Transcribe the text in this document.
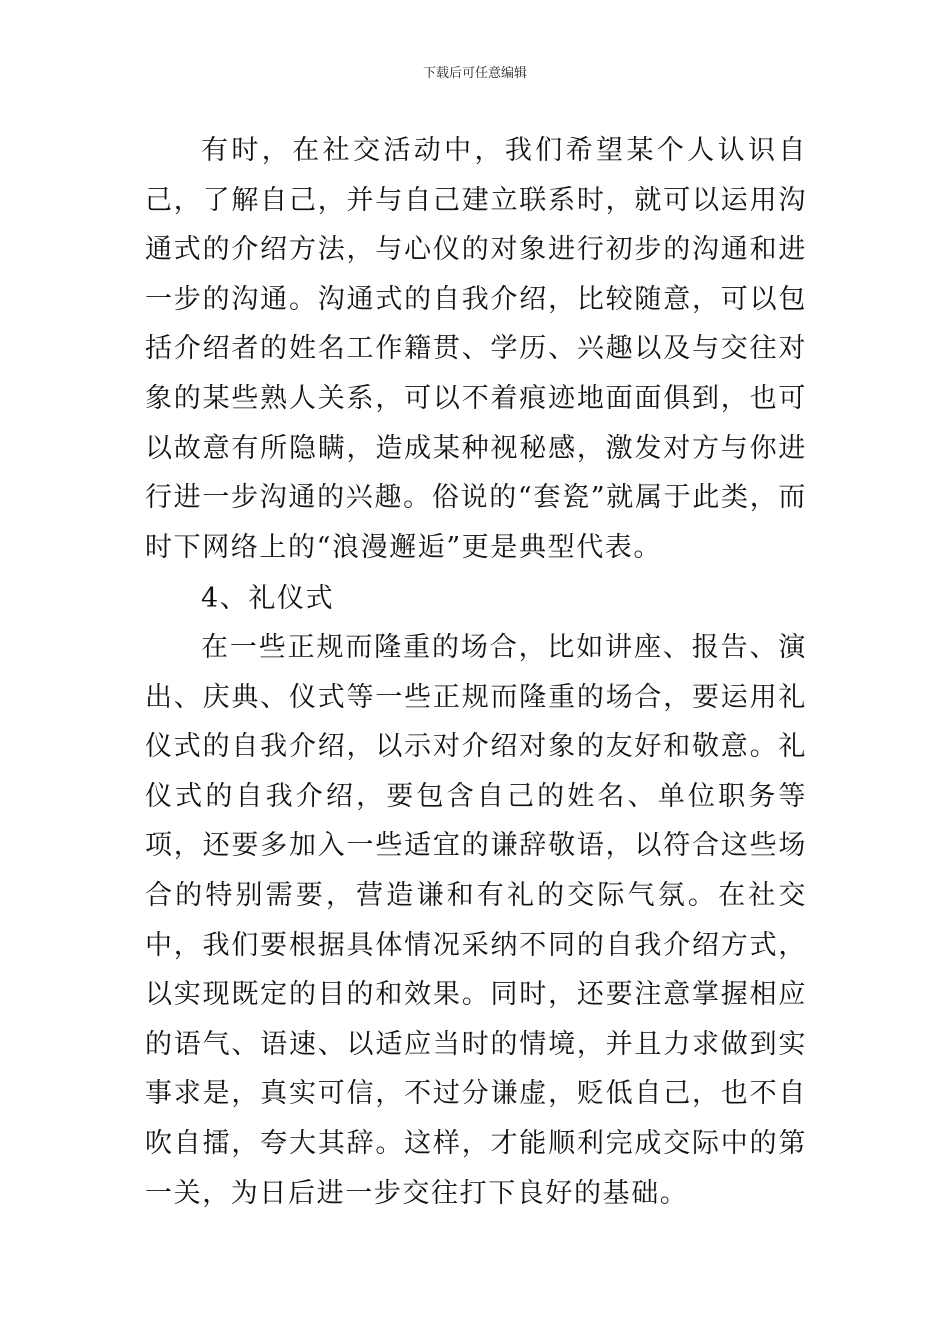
下载后可任意编辑

有时，在社交活动中，我们希望某个人认识自己，了解自己，并与自己建立联系时，就可以运用沟通式的介绍方法，与心仪的对象进行初步的沟通和进一步的沟通。沟通式的自我介绍，比较随意，可以包括介绍者的姓名工作籍贯、学历、兴趣以及与交往对象的某些熟人关系，可以不着痕迹地面面俱到，也可以故意有所隐瞒，造成某种视秘感，激发对方与你进行进一步沟通的兴趣。俗说的“套瓷”就属于此类，而时下网络上的“浪漫邂逅”更是典型代表。

4、礼仪式

在一些正规而隆重的场合，比如讲座、报告、演出、庆典、仪式等一些正规而隆重的场合，要运用礼仪式的自我介绍，以示对介绍对象的友好和敬意。礼仪式的自我介绍，要包含自己的姓名、单位职务等项，还要多加入一些适宜的谦辞敬语，以符合这些场合的特别需要，营造谦和有礼的交际气氛。在社交中，我们要根据具体情况采纳不同的自我介绍方式，以实现既定的目的和效果。同时，还要注意掌握相应的语气、语速、以适应当时的情境，并且力求做到实事求是，真实可信，不过分谦虚，贬低自己，也不自吹自擂，夸大其辞。这样，才能顺利完成交际中的第一关，为日后进一步交往打下良好的基础。
